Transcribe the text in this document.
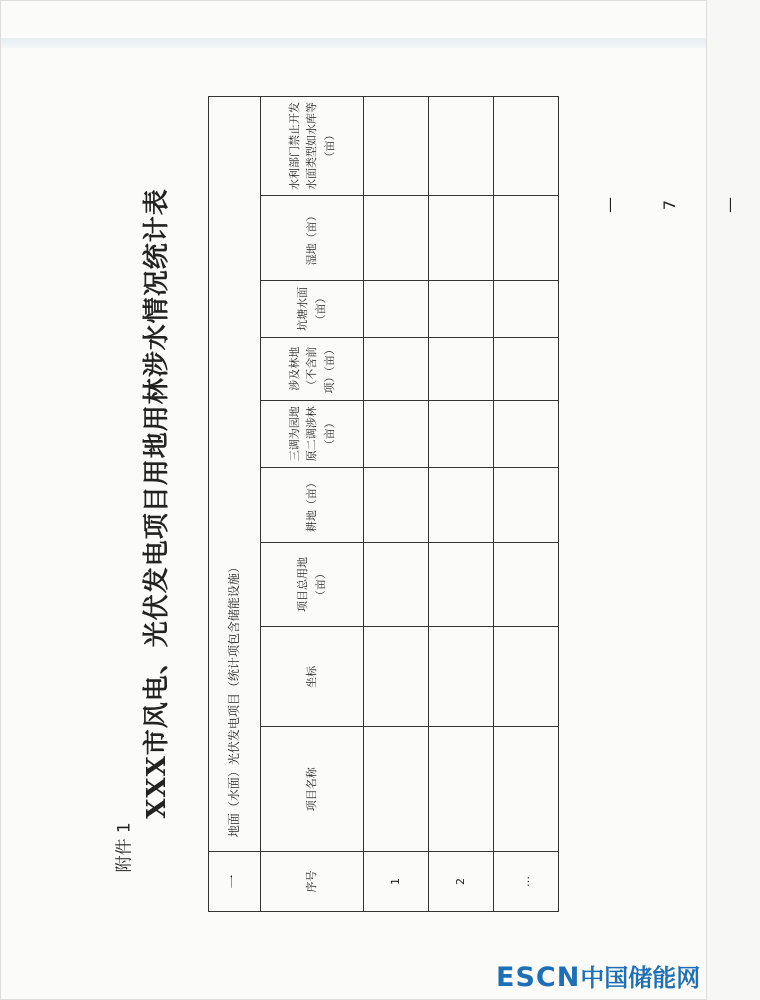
附件 1
XXX市风电、光伏发电项目用地用林涉水情况统计表									

一	地面（水面）光伏发电项目（统计项包含储能设施）								
序号	项目名称	坐标	项目总用地（亩）	耕地（亩）	三调为园地原二调涉林（亩）	涉及林地（不含前项）（亩）	坑塘水面（亩）	湿地（亩）	水利部门禁止开发水面类型如水库等（亩）
1									
2									
…									
— 7 —
ESCN中国储能网
